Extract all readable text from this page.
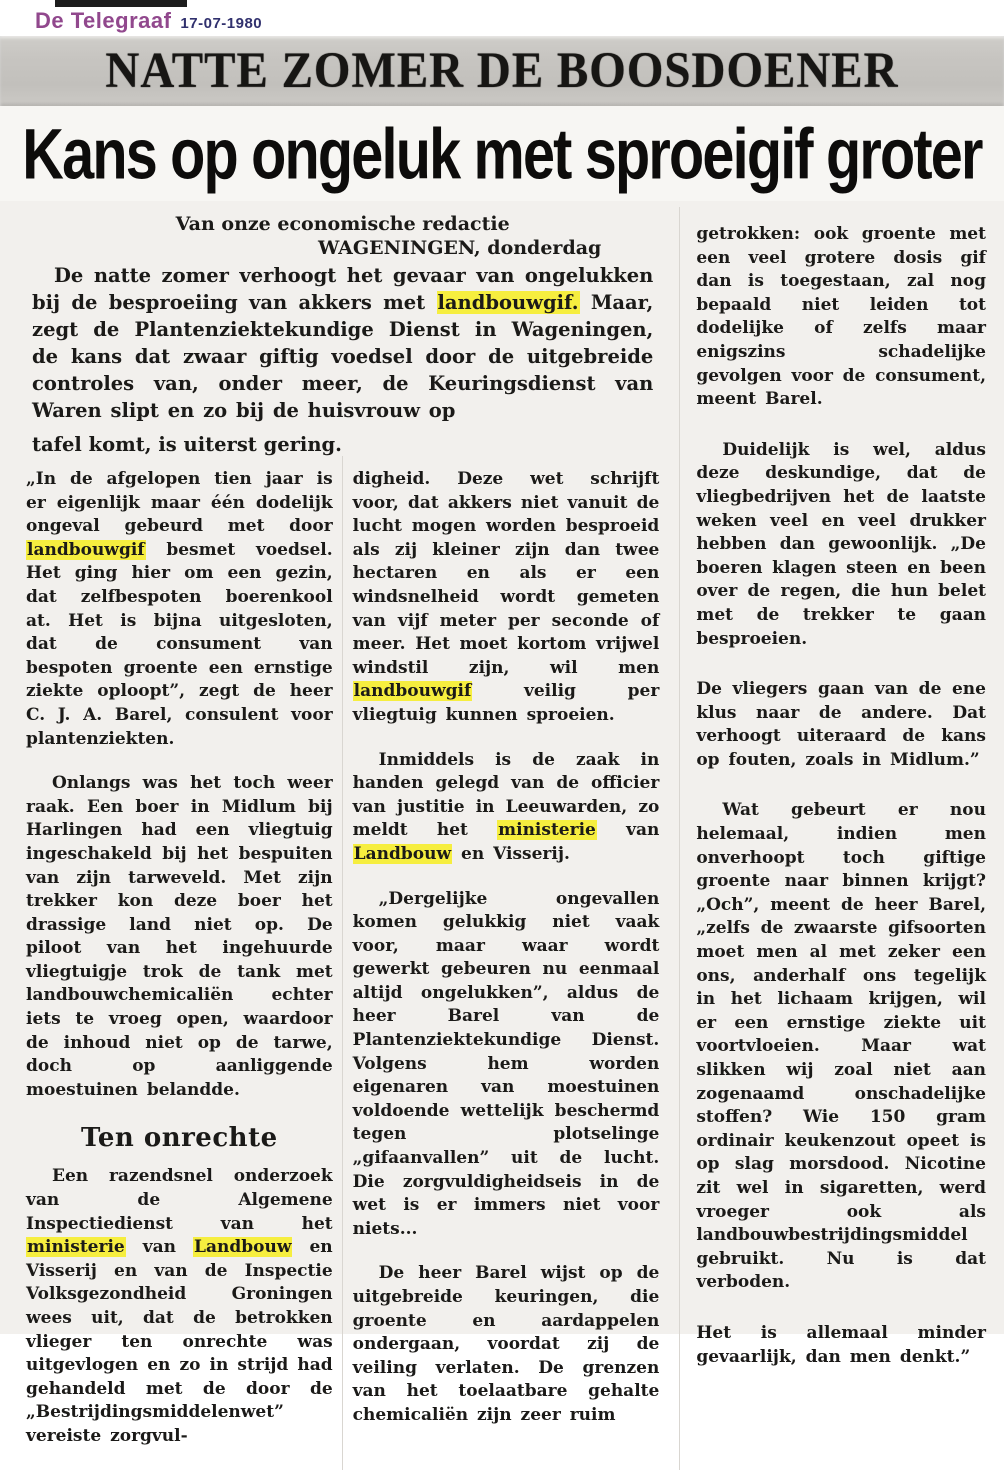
De Telegraaf 17-07-1980
NATTE ZOMER DE BOOSDOENER
Kans op ongeluk met sproeigif groter

Van onze economische redactie

WAGENINGEN, donderdag

De natte zomer verhoogt het gevaar van ongelukken bij de besproeiing van akkers met landbouwgif. Maar, zegt de Plantenziektekundige Dienst in Wageningen, de kans dat zwaar giftig voedsel door de uitgebreide controles van, onder meer, de Keuringsdienst van Waren slipt en zo bij de huisvrouw op

tafel komt, is uiterst gering.

„In de afgelopen tien jaar is er eigenlijk maar één dodelijk ongeval gebeurd met door landbouwgif besmet voedsel. Het ging hier om een gezin, dat zelfbespoten boerenkool at. Het is bijna uitgesloten, dat de consument van bespoten groente een ernstige ziekte oploopt”, zegt de heer C. J. A. Barel, consulent voor plantenziekten.

Onlangs was het toch weer raak. Een boer in Midlum bij Harlingen had een vliegtuig ingeschakeld bij het bespuiten van zijn tarweveld. Met zijn trekker kon deze boer het drassige land niet op. De piloot van het ingehuurde vliegtuigje trok de tank met landbouwchemicaliën echter iets te vroeg open, waardoor de inhoud niet op de tarwe, doch op aanliggende moestuinen belandde.

Ten onrechte

Een razendsnel onderzoek van de Algemene Inspectiedienst van het ministerie van Landbouw en Visserij en van de Inspectie Volksgezondheid Groningen wees uit, dat de betrokken vlieger ten onrechte was uitgevlogen en zo in strijd had gehandeld met de door de „Bestrijdingsmiddelenwet” vereiste zorgvul-

digheid. Deze wet schrijft voor, dat akkers niet vanuit de lucht mogen worden besproeid als zij kleiner zijn dan twee hectaren en als er een windsnelheid wordt gemeten van vijf meter per seconde of meer. Het moet kortom vrijwel windstil zijn, wil men landbouwgif veilig per vliegtuig kunnen sproeien.

Inmiddels is de zaak in handen gelegd van de officier van justitie in Leeuwarden, zo meldt het ministerie van Landbouw en Visserij.

„Dergelijke ongevallen komen gelukkig niet vaak voor, maar waar wordt gewerkt gebeuren nu eenmaal altijd ongelukken”, aldus de heer Barel van de Plantenziektekundige Dienst. Volgens hem worden eigenaren van moestuinen voldoende wettelijk beschermd tegen plotselinge „gifaanvallen” uit de lucht. Die zorgvuldigheidseis in de wet is er immers niet voor niets...

De heer Barel wijst op de uitgebreide keuringen, die groente en aardappelen ondergaan, voordat zij de veiling verlaten. De grenzen van het toelaatbare gehalte chemicaliën zijn zeer ruim

getrokken: ook groente met een veel grotere dosis gif dan is toegestaan, zal nog bepaald niet leiden tot dodelijke of zelfs maar enigszins schadelijke gevolgen voor de consument, meent Barel.

Duidelijk is wel, aldus deze deskundige, dat de vliegbedrijven het de laatste weken veel en veel drukker hebben dan gewoonlijk. „De boeren klagen steen en been over de regen, die hun belet met de trekker te gaan besproeien.

De vliegers gaan van de ene klus naar de andere. Dat verhoogt uiteraard de kans op fouten, zoals in Midlum.”

Wat gebeurt er nou helemaal, indien men onverhoopt toch giftige groente naar binnen krijgt? „Och”, meent de heer Barel, „zelfs de zwaarste gifsoorten moet men al met zeker een ons, anderhalf ons tegelijk in het lichaam krijgen, wil er een ernstige ziekte uit voortvloeien. Maar wat slikken wij zoal niet aan zogenaamd onschadelijke stoffen? Wie 150 gram ordinair keukenzout opeet is op slag morsdood. Nicotine zit wel in sigaretten, werd vroeger ook als landbouwbestrijdingsmiddel gebruikt. Nu is dat verboden.

Het is allemaal minder gevaarlijk, dan men denkt.”
